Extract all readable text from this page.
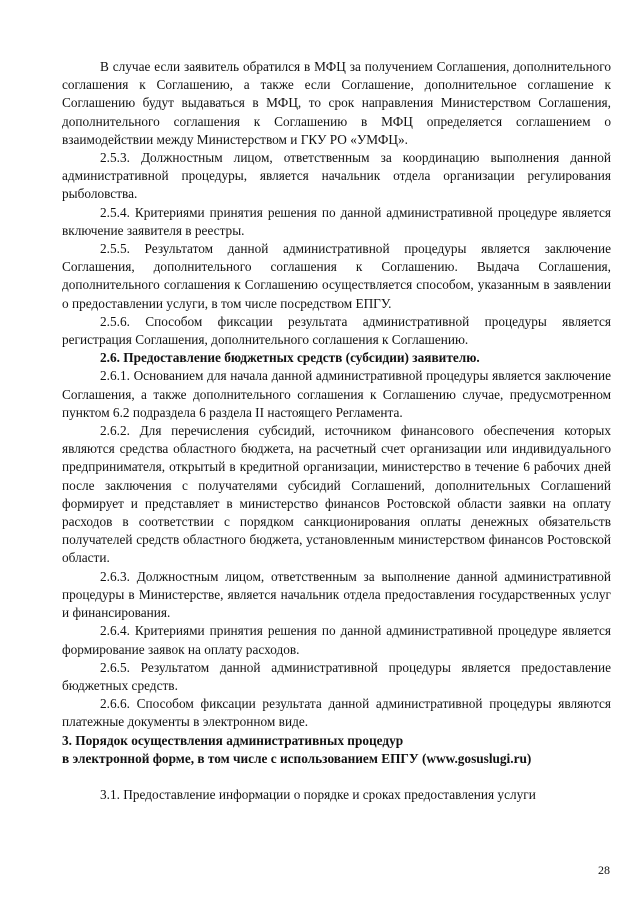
В случае если заявитель обратился в МФЦ за получением Соглашения, дополнительного соглашения к Соглашению, а также если Соглашение, дополнительное соглашение к Соглашению будут выдаваться в МФЦ, то срок направления Министерством Соглашения, дополнительного соглашения к Соглашению в МФЦ определяется соглашением о взаимодействии между Министерством и ГКУ РО «УМФЦ».

2.5.3. Должностным лицом, ответственным за координацию выполнения данной административной процедуры, является начальник отдела организации регулирования рыболовства.

2.5.4. Критериями принятия решения по данной административной процедуре является включение заявителя в реестры.

2.5.5. Результатом данной административной процедуры является заключение Соглашения, дополнительного соглашения к Соглашению. Выдача Соглашения, дополнительного соглашения к Соглашению осуществляется способом, указанным в заявлении о предоставлении услуги, в том числе посредством ЕПГУ.

2.5.6. Способом фиксации результата административной процедуры является регистрация Соглашения, дополнительного соглашения к Соглашению.

2.6. Предоставление бюджетных средств (субсидии) заявителю.

2.6.1. Основанием для начала данной административной процедуры является заключение Соглашения, а также дополнительного соглашения к Соглашению случае, предусмотренном пунктом 6.2 подраздела 6 раздела II настоящего Регламента.

2.6.2. Для перечисления субсидий, источником финансового обеспечения которых являются средства областного бюджета, на расчетный счет организации или индивидуального предпринимателя, открытый в кредитной организации, министерство в течение 6 рабочих дней после заключения с получателями субсидий Соглашений, дополнительных Соглашений формирует и представляет в министерство финансов Ростовской области заявки на оплату расходов в соответствии с порядком санкционирования оплаты денежных обязательств получателей средств областного бюджета, установленным министерством финансов Ростовской области.

2.6.3. Должностным лицом, ответственным за выполнение данной административной процедуры в Министерстве, является начальник отдела предоставления государственных услуг и финансирования.

2.6.4. Критериями принятия решения по данной административной процедуре является формирование заявок на оплату расходов.

2.6.5. Результатом данной административной процедуры является предоставление бюджетных средств.

2.6.6. Способом фиксации результата данной административной процедуры являются платежные документы в электронном виде.

3. Порядок осуществления административных процедур
в электронной форме, в том числе с использованием ЕПГУ (www.gosuslugi.ru)

3.1. Предоставление информации о порядке и сроках предоставления услуги

28
